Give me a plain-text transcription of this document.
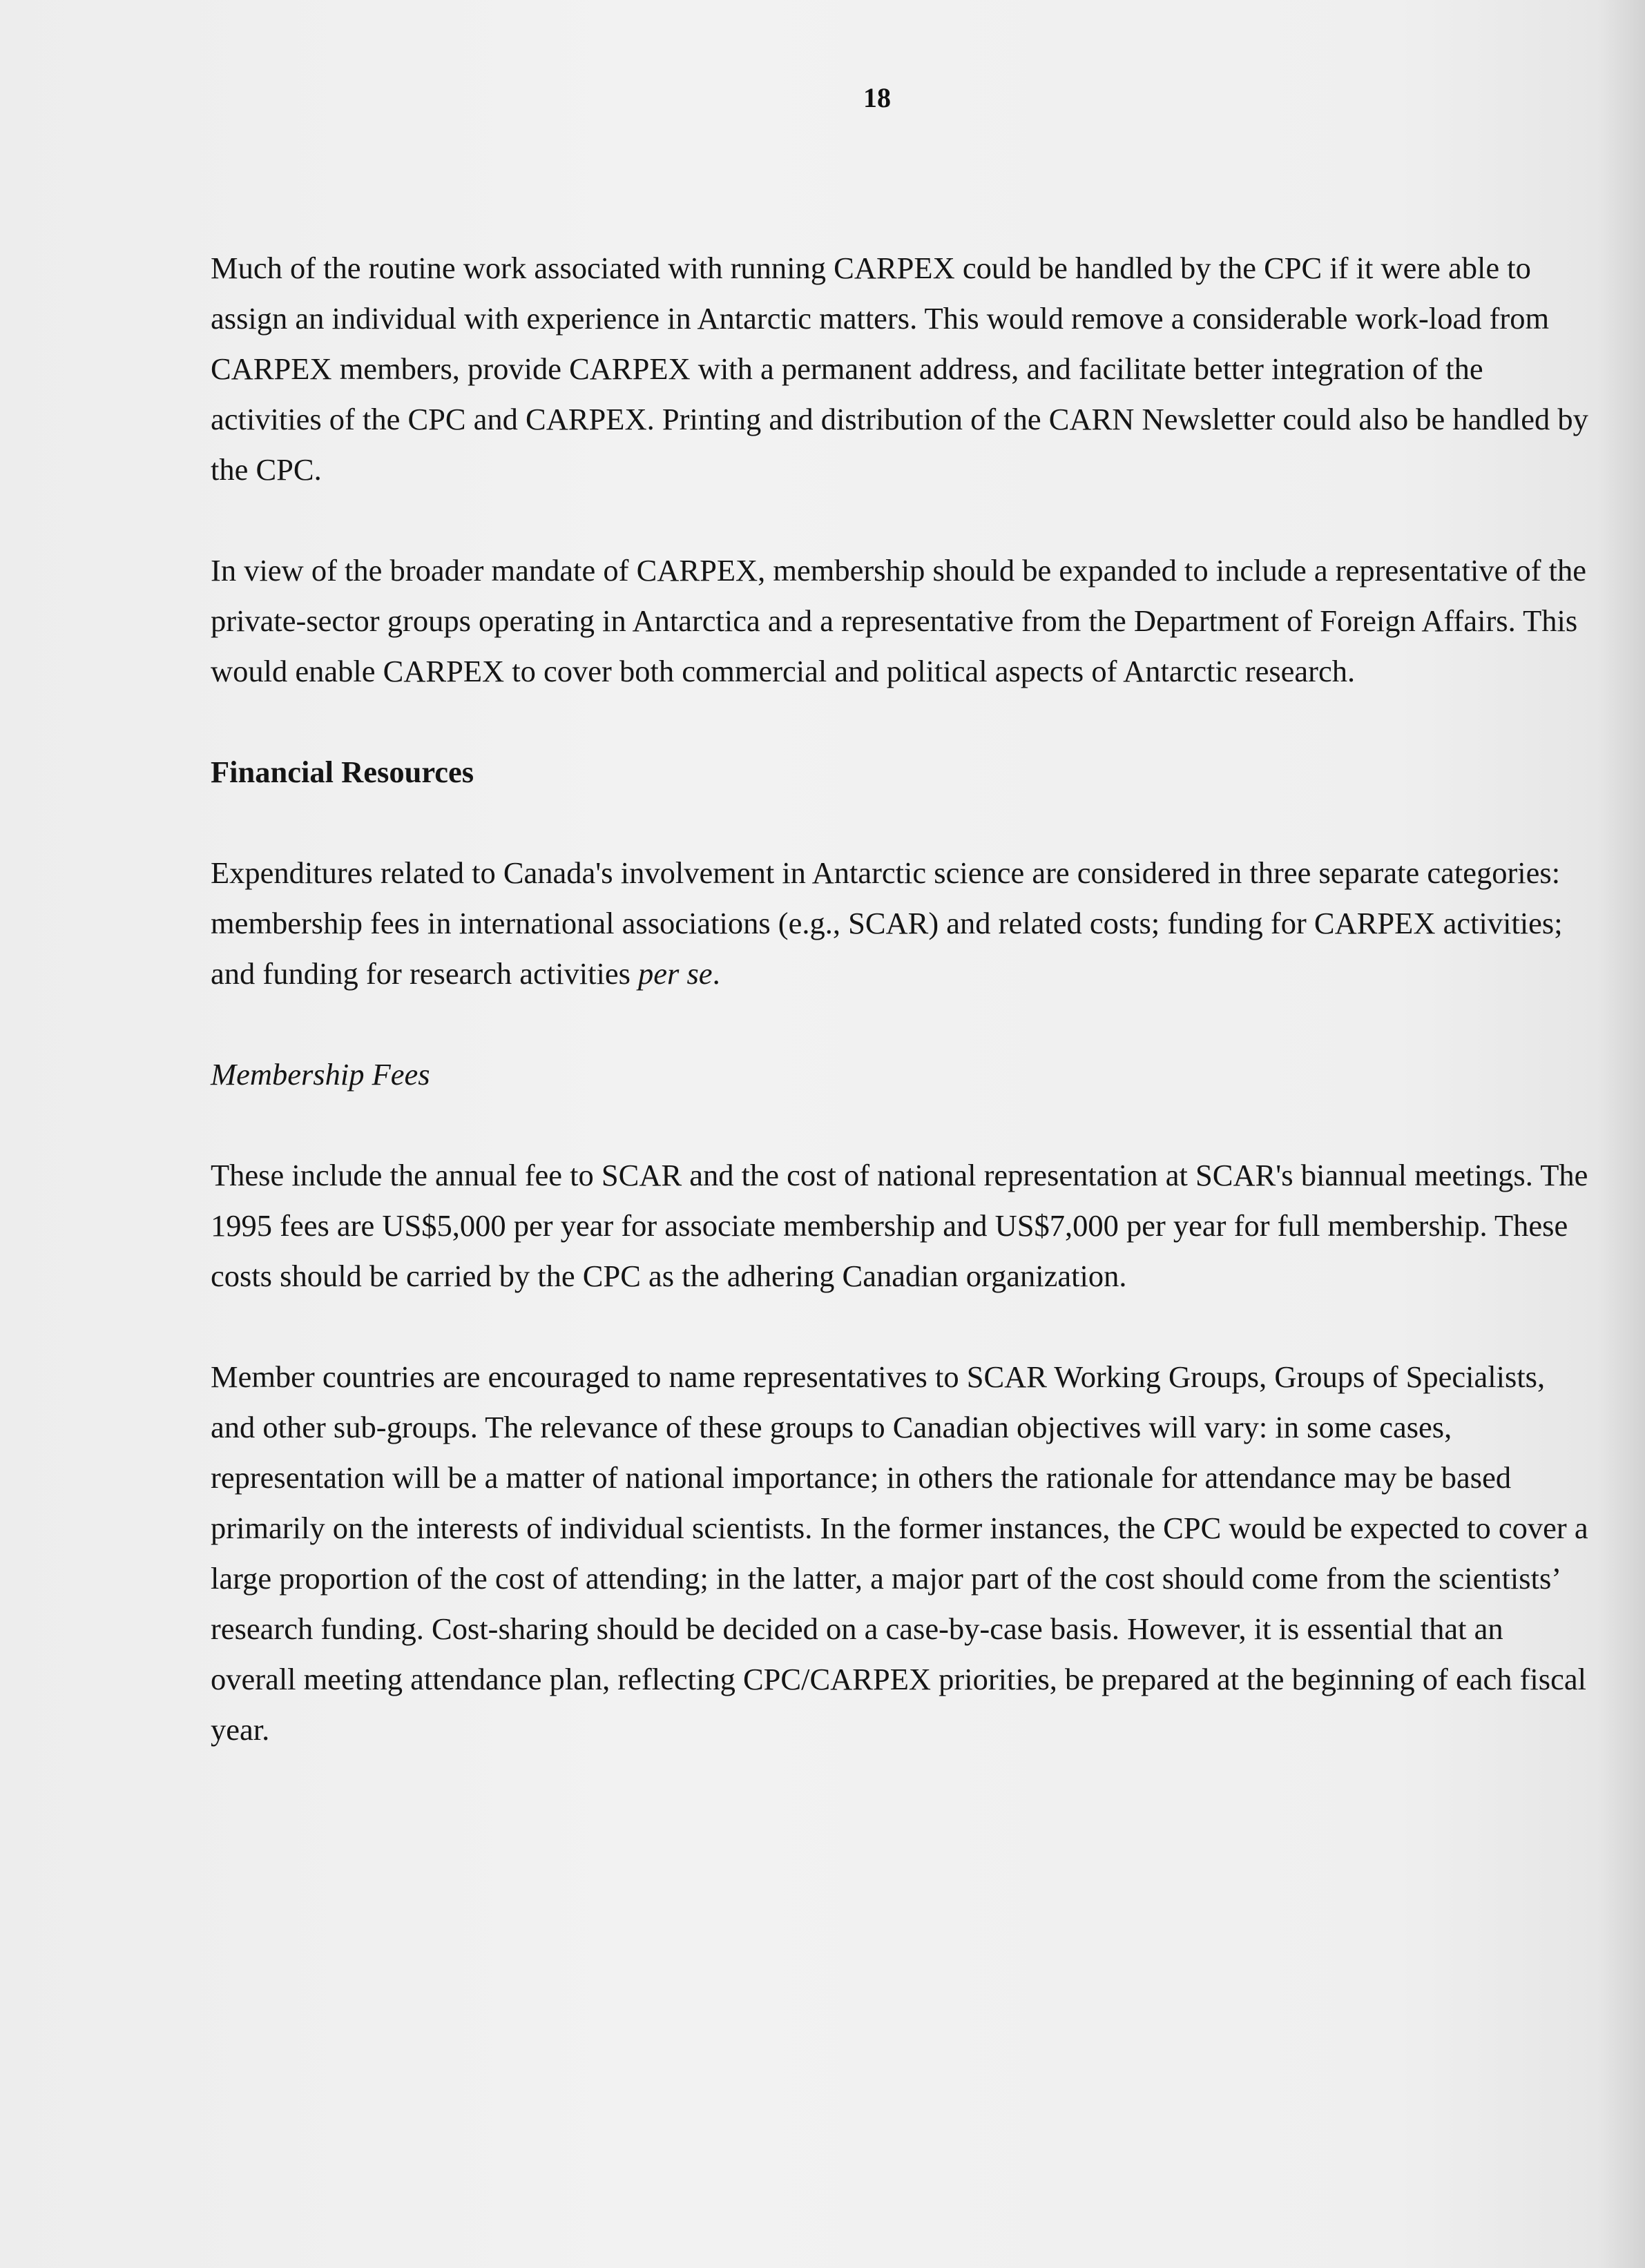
18

Much of the routine work associated with running CARPEX could be handled by the CPC if it were able to assign an individual with experience in Antarctic matters. This would remove a considerable work-load from CARPEX members, provide CARPEX with a permanent address, and facilitate better integration of the activities of the CPC and CARPEX. Printing and distribution of the CARN Newsletter could also be handled by the CPC.

In view of the broader mandate of CARPEX, membership should be expanded to include a representative of the private-sector groups operating in Antarctica and a representative from the Department of Foreign Affairs. This would enable CARPEX to cover both commercial and political aspects of Antarctic research.

Financial Resources

Expenditures related to Canada's involvement in Antarctic science are considered in three separate categories: membership fees in international associations (e.g., SCAR) and related costs; funding for CARPEX activities; and funding for research activities per se.

Membership Fees

These include the annual fee to SCAR and the cost of national representation at SCAR's biannual meetings. The 1995 fees are US$5,000 per year for associate membership and US$7,000 per year for full membership. These costs should be carried by the CPC as the adhering Canadian organization.

Member countries are encouraged to name representatives to SCAR Working Groups, Groups of Specialists, and other sub-groups. The relevance of these groups to Canadian objectives will vary: in some cases, representation will be a matter of national importance; in others the rationale for attendance may be based primarily on the interests of individual scientists. In the former instances, the CPC would be expected to cover a large proportion of the cost of attending; in the latter, a major part of the cost should come from the scientists’ research funding. Cost-sharing should be decided on a case-by-case basis. However, it is essential that an overall meeting attendance plan, reflecting CPC/CARPEX priorities, be prepared at the beginning of each fiscal year.
